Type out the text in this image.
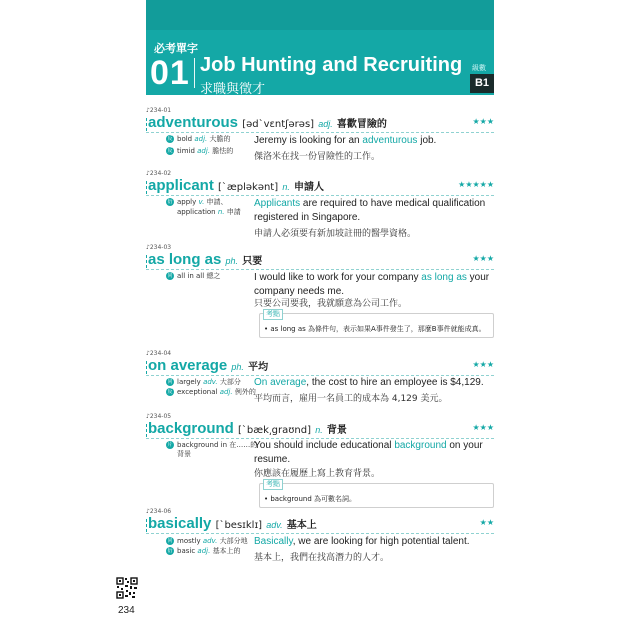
必考單字
01 Job Hunting and Recruiting
求職與徵才
級數
B1
♪234-01
adventurous [əd`vɛntʃərəs] adj. 喜歡冒險的	★★★
反 bold adj. 大膽的
反 timid adj. 膽怯的
Jeremy is looking for an adventurous job.
傑洛米在找一份冒險性的工作。
♪234-02
applicant [`æpləkənt] n. 申請人	★★★★★
衍 apply v. 申請、
application n. 申請
Applicants are required to have medical qualification registered in Singapore.
申請人必須要有新加坡註冊的醫學資格。
♪234-03
as long as ph. 只要	★★★
同 all in all 總之	I would like to work for your company as long as your company needs me.
只要公司要我，我就願意為公司工作。
考點
• as long as 為條件句，表示如果A事件發生了，那麼B事件就能成真。
♪234-04
on average ph. 平均	★★★
同 largely adv. 大部分
反 exceptional adj. 例外的
On average, the cost to hire an employee is $4,129.
平均而言，雇用一名員工的成本為 4,129 美元。
♪234-05
background [`bæk͵graʊnd] n. 背景	★★★
片 background in 在……的
背景
You should include educational background on your resume.
你應該在履歷上寫上教育背景。
考點
• background 為可數名詞。
♪234-06
basically [`besɪklɪ] adv. 基本上	★★
同 mostly adv. 大部分地
衍 basic adj. 基本上的
Basically, we are looking for high potential talent.
基本上，我們在找高潛力的人才。
234
